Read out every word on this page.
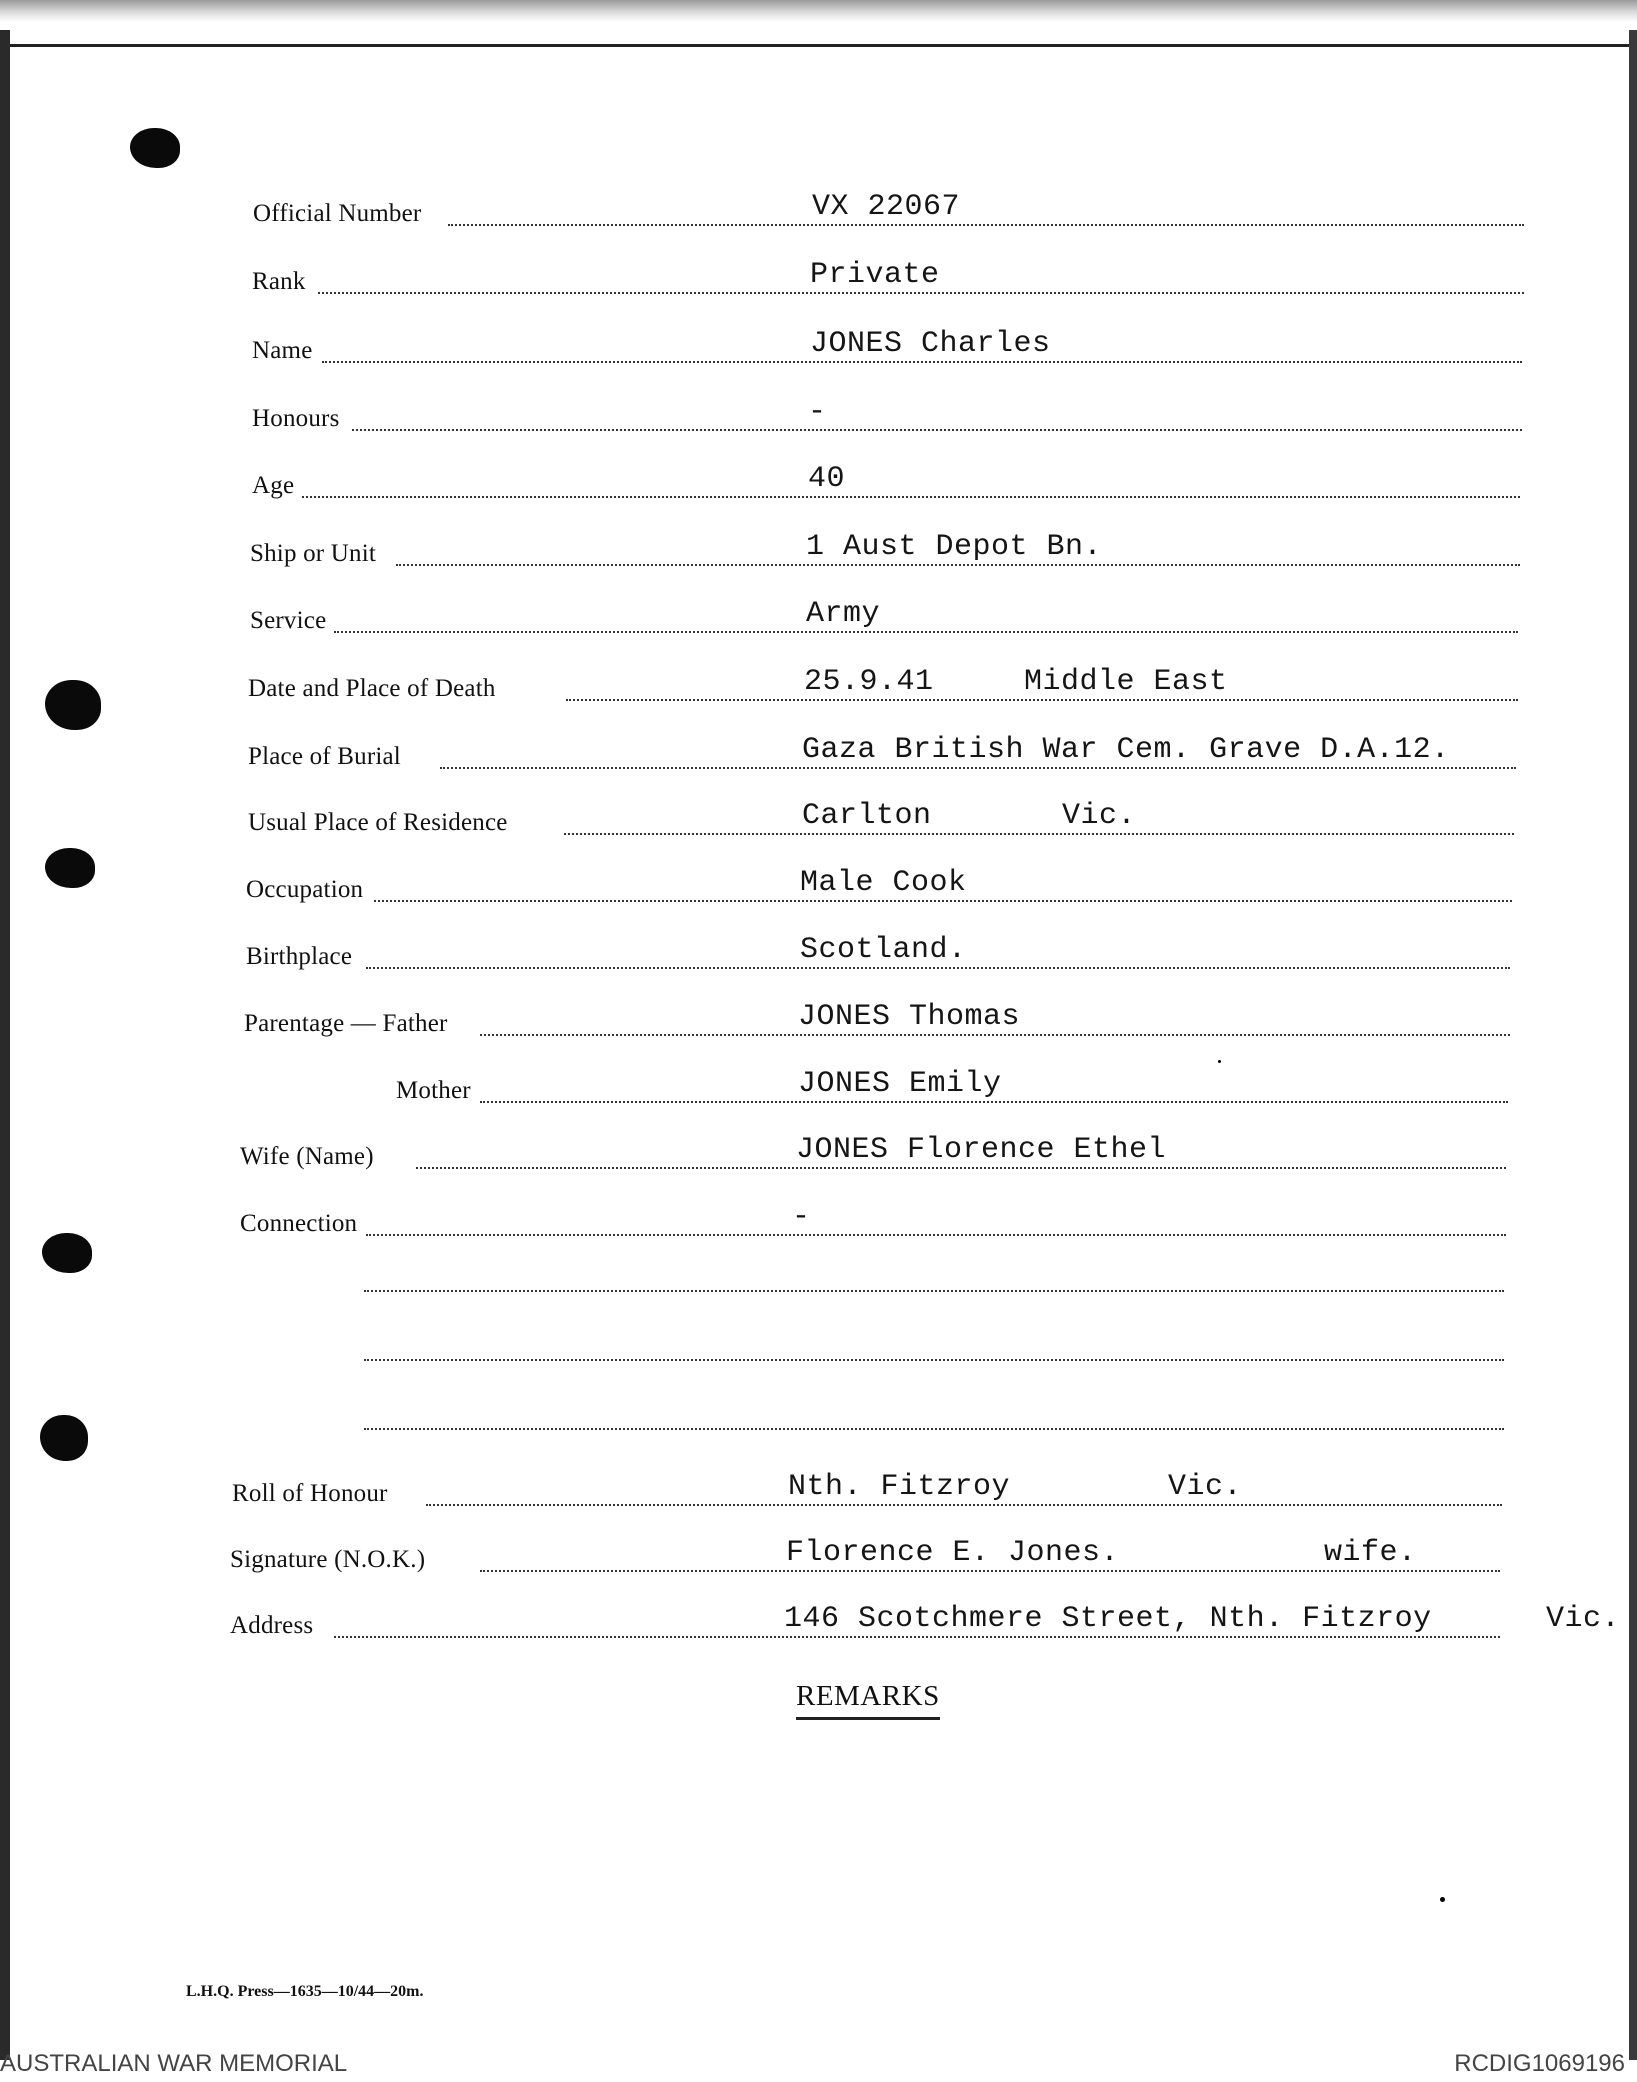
Official Number	VX 22067
Rank	Private
Name	JONES Charles
Honours	-
Age	40
Ship or Unit	1 Aust Depot Bn.
Service	Army
Date and Place of Death	25.9.41	Middle East
Place of Burial	Gaza British War Cem. Grave D.A.12.
Usual Place of Residence	Carlton	Vic.
Occupation	Male Cook
Birthplace	Scotland.
Parentage — Father	JONES Thomas
Mother	JONES Emily
Wife (Name)	JONES Florence Ethel
Connection	-
Roll of Honour	Nth. Fitzroy	Vic.
Signature (N.O.K.)	Florence E. Jones.	wife.
Address	146 Scotchmere Street, Nth. Fitzroy	Vic.
REMARKS
L.H.Q. Press—1635—10/44—20m.
AUSTRALIAN WAR MEMORIAL	RCDIG1069196
